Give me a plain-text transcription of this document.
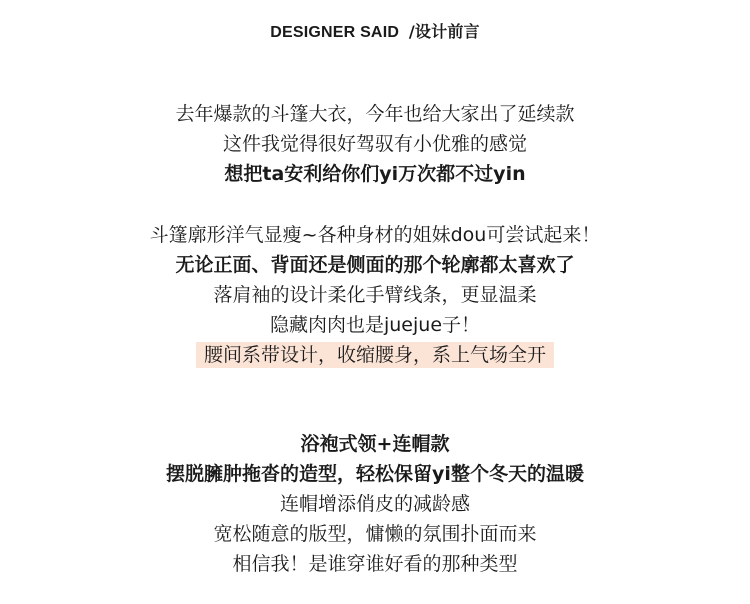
DESIGNER SAID /设计前言
去年爆款的斗篷大衣，今年也给大家出了延续款
这件我觉得很好驾驭有小优雅的感觉
想把ta安利给你们yi万次都不过yin
斗篷廓形洋气显瘦~各种身材的姐妹dou可尝试起来！
无论正面、背面还是侧面的那个轮廓都太喜欢了
落肩袖的设计柔化手臂线条，更显温柔
隐藏肉肉也是juejue子！
腰间系带设计，收缩腰身，系上气场全开
浴袍式领+连帽款
摆脱臃肿拖沓的造型，轻松保留yi整个冬天的温暖
连帽增添俏皮的减龄感
宽松随意的版型，慵懒的氛围扑面而来
相信我！是谁穿谁好看的那种类型
